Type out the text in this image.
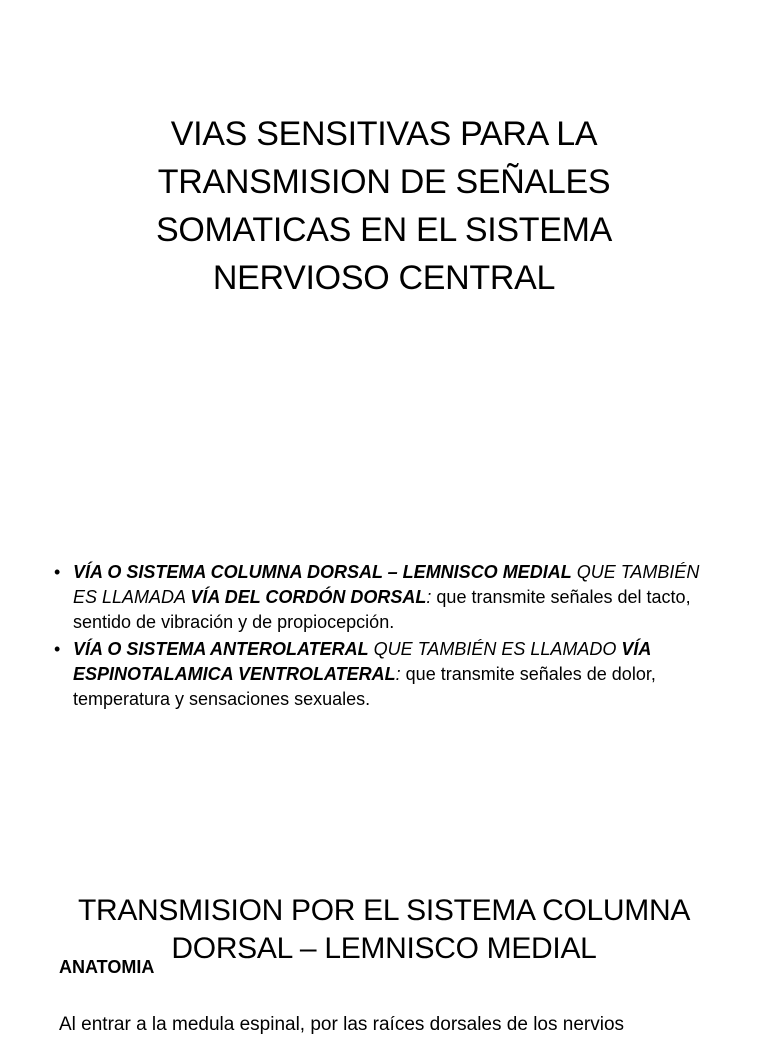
VIAS SENSITIVAS PARA LA
TRANSMISION DE SEÑALES
SOMATICAS EN EL SISTEMA
NERVIOSO CENTRAL
• VÍA O SISTEMA COLUMNA DORSAL – LEMNISCO MEDIAL QUE TAMBIÉN ES LLAMADA VÍA DEL CORDÓN DORSAL: que transmite señales del tacto, sentido de vibración y de propiocepción.
• VÍA O SISTEMA ANTEROLATERAL QUE TAMBIÉN ES LLAMADO VÍA ESPINOTALAMICA VENTROLATERAL: que transmite señales de dolor, temperatura y sensaciones sexuales.
TRANSMISION POR EL SISTEMA COLUMNA DORSAL – LEMNISCO MEDIAL
ANATOMIA

Al entrar a la medula espinal, por las raíces dorsales de los nervios
